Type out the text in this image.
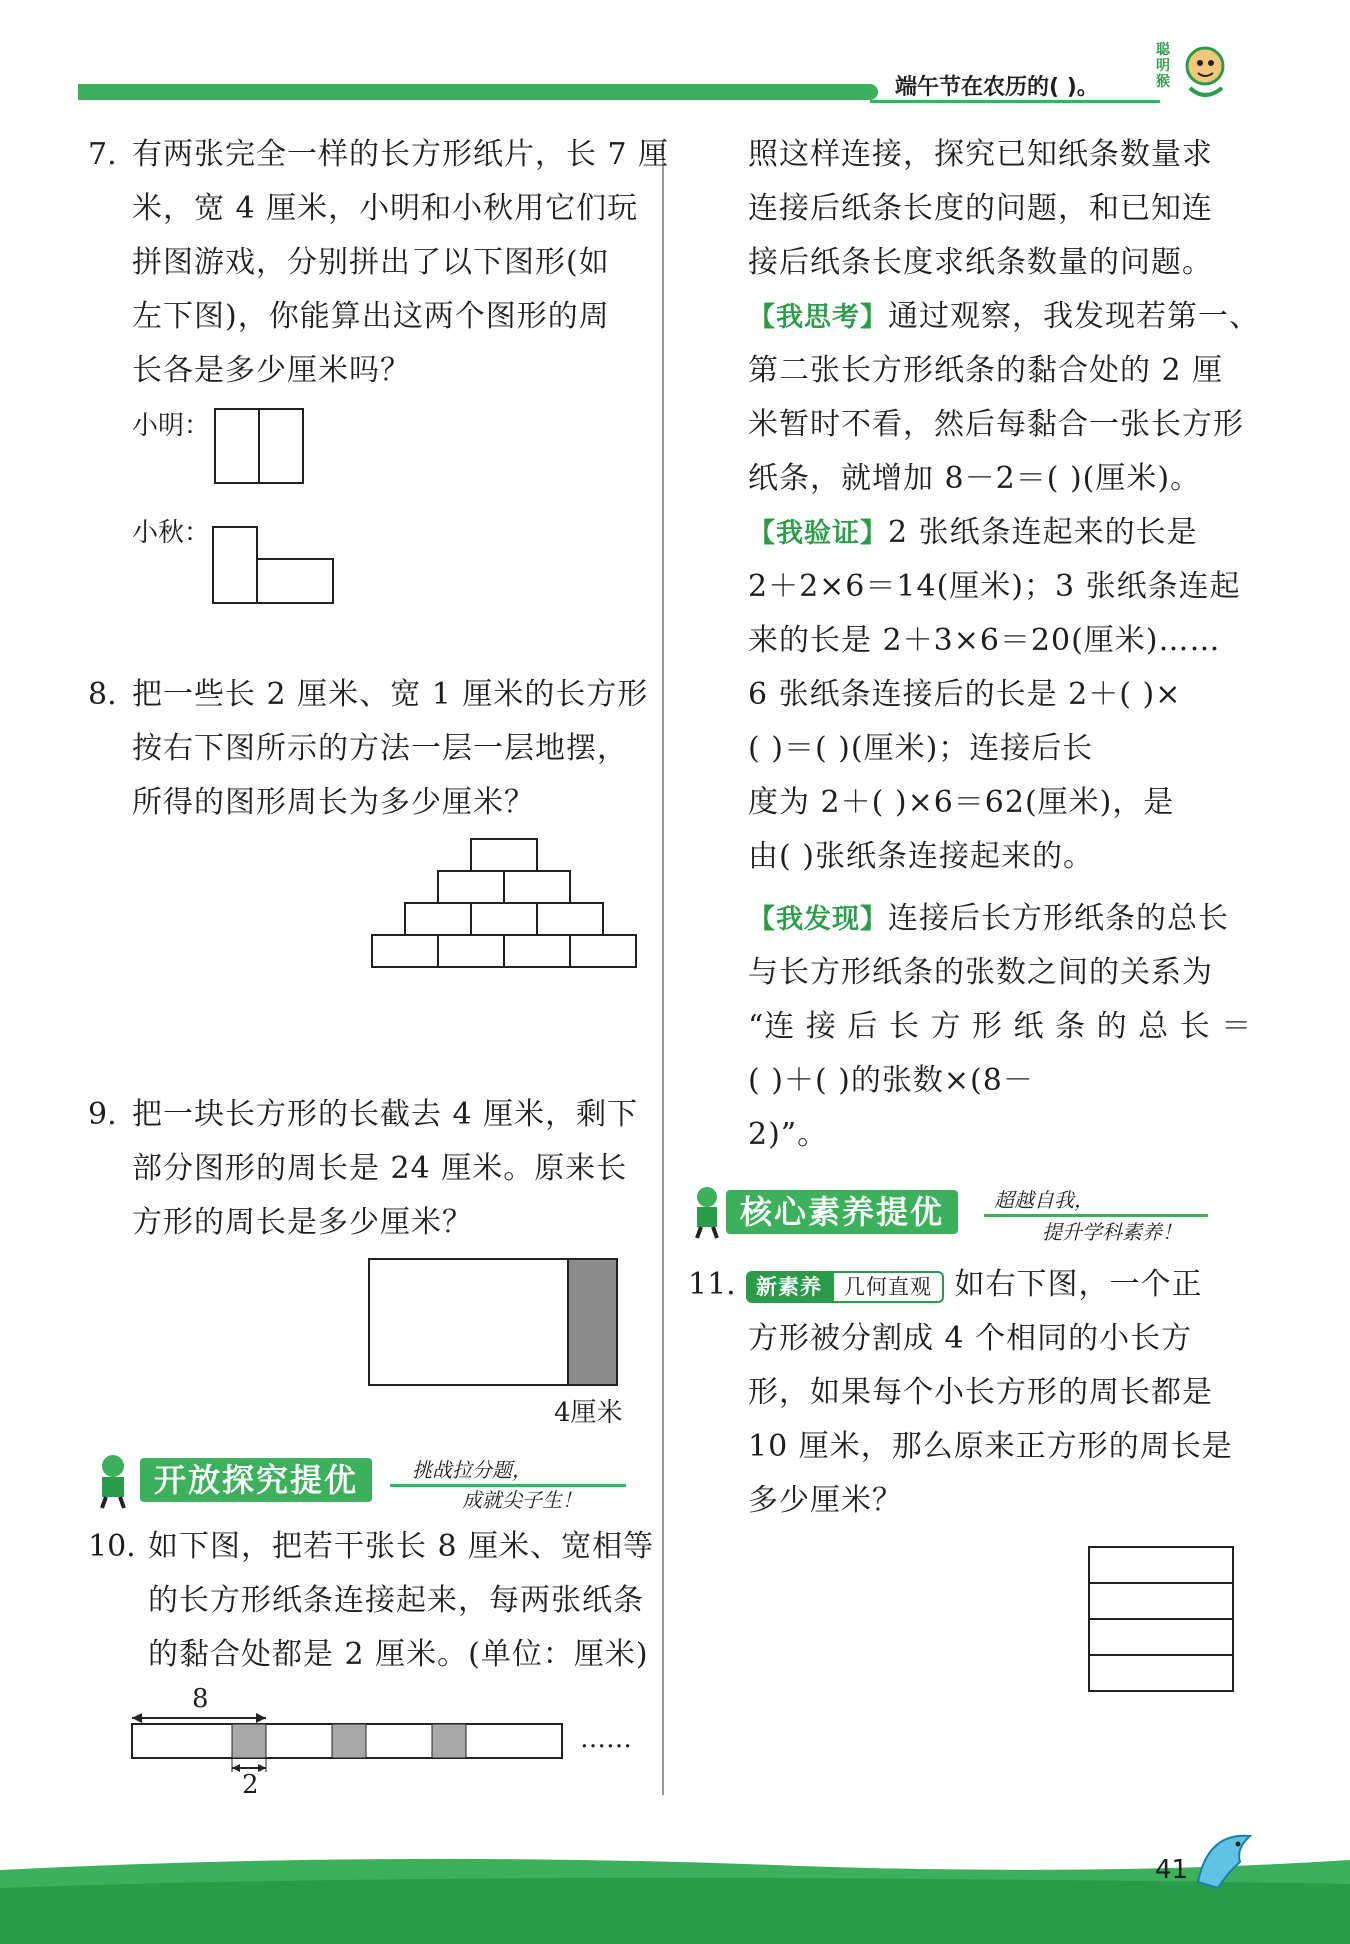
端午节在农历的( )。
聪明猴
7. 有两张完全一样的长方形纸片，长 7 厘
米，宽 4 厘米，小明和小秋用它们玩
拼图游戏，分别拼出了以下图形(如
左下图)，你能算出这两个图形的周
长各是多少厘米吗？
小明：
小秋：
8. 把一些长 2 厘米、宽 1 厘米的长方形
按右下图所示的方法一层一层地摆，
所得的图形周长为多少厘米？
9. 把一块长方形的长截去 4 厘米，剩下
部分图形的周长是 24 厘米。原来长
方形的周长是多少厘米？
4厘米
开放探究提优	挑战拉分题，
成就尖子生！
10. 如下图，把若干张长 8 厘米、宽相等
的长方形纸条连接起来，每两张纸条
的黏合处都是 2 厘米。(单位：厘米)
8
2
……
照这样连接，探究已知纸条数量求
连接后纸条长度的问题，和已知连
接后纸条长度求纸条数量的问题。
【我思考】通过观察，我发现若第一、
第二张长方形纸条的黏合处的 2 厘
米暂时不看，然后每黏合一张长方形
纸条，就增加 8－2＝( )(厘米)。
【我验证】2 张纸条连起来的长是
2＋2×6＝14(厘米)；3 张纸条连起
来的长是 2＋3×6＝20(厘米)……
6 张纸条连接后的长是 2＋( )×
( )＝( )(厘米)；连接后长
度为 2＋( )×6＝62(厘米)，是
由( )张纸条连接起来的。
【我发现】连接后长方形纸条的总长
与长方形纸条的张数之间的关系为
“连 接 后 长 方 形 纸 条 的 总 长 ＝
( )＋( )的张数×(8－
2)”。
核心素养提优	超越自我，
提升学科素养！
11. 新素养 几何直观 如右下图，一个正
方形被分割成 4 个相同的小长方
形，如果每个小长方形的周长都是
10 厘米，那么原来正方形的周长是
多少厘米？
41
